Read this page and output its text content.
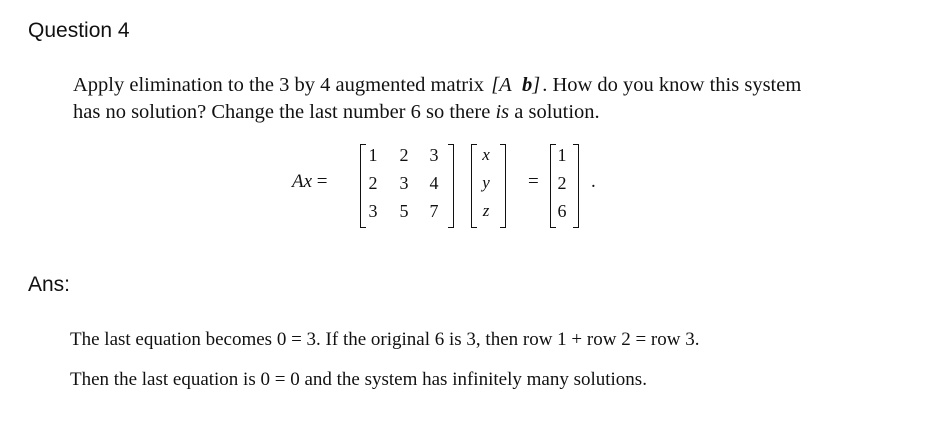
Question 4
Apply elimination to the 3 by 4 augmented matrix [A b]. How do you know this system has no solution? Change the last number 6 so there is a solution.
Ax =
1	2	3
2	3	4
3	5	7
x
y
z
=
1
2
6
.
Ans:
The last equation becomes 0 = 3. If the original 6 is 3, then row 1 + row 2 = row 3.
Then the last equation is 0 = 0 and the system has infinitely many solutions.
